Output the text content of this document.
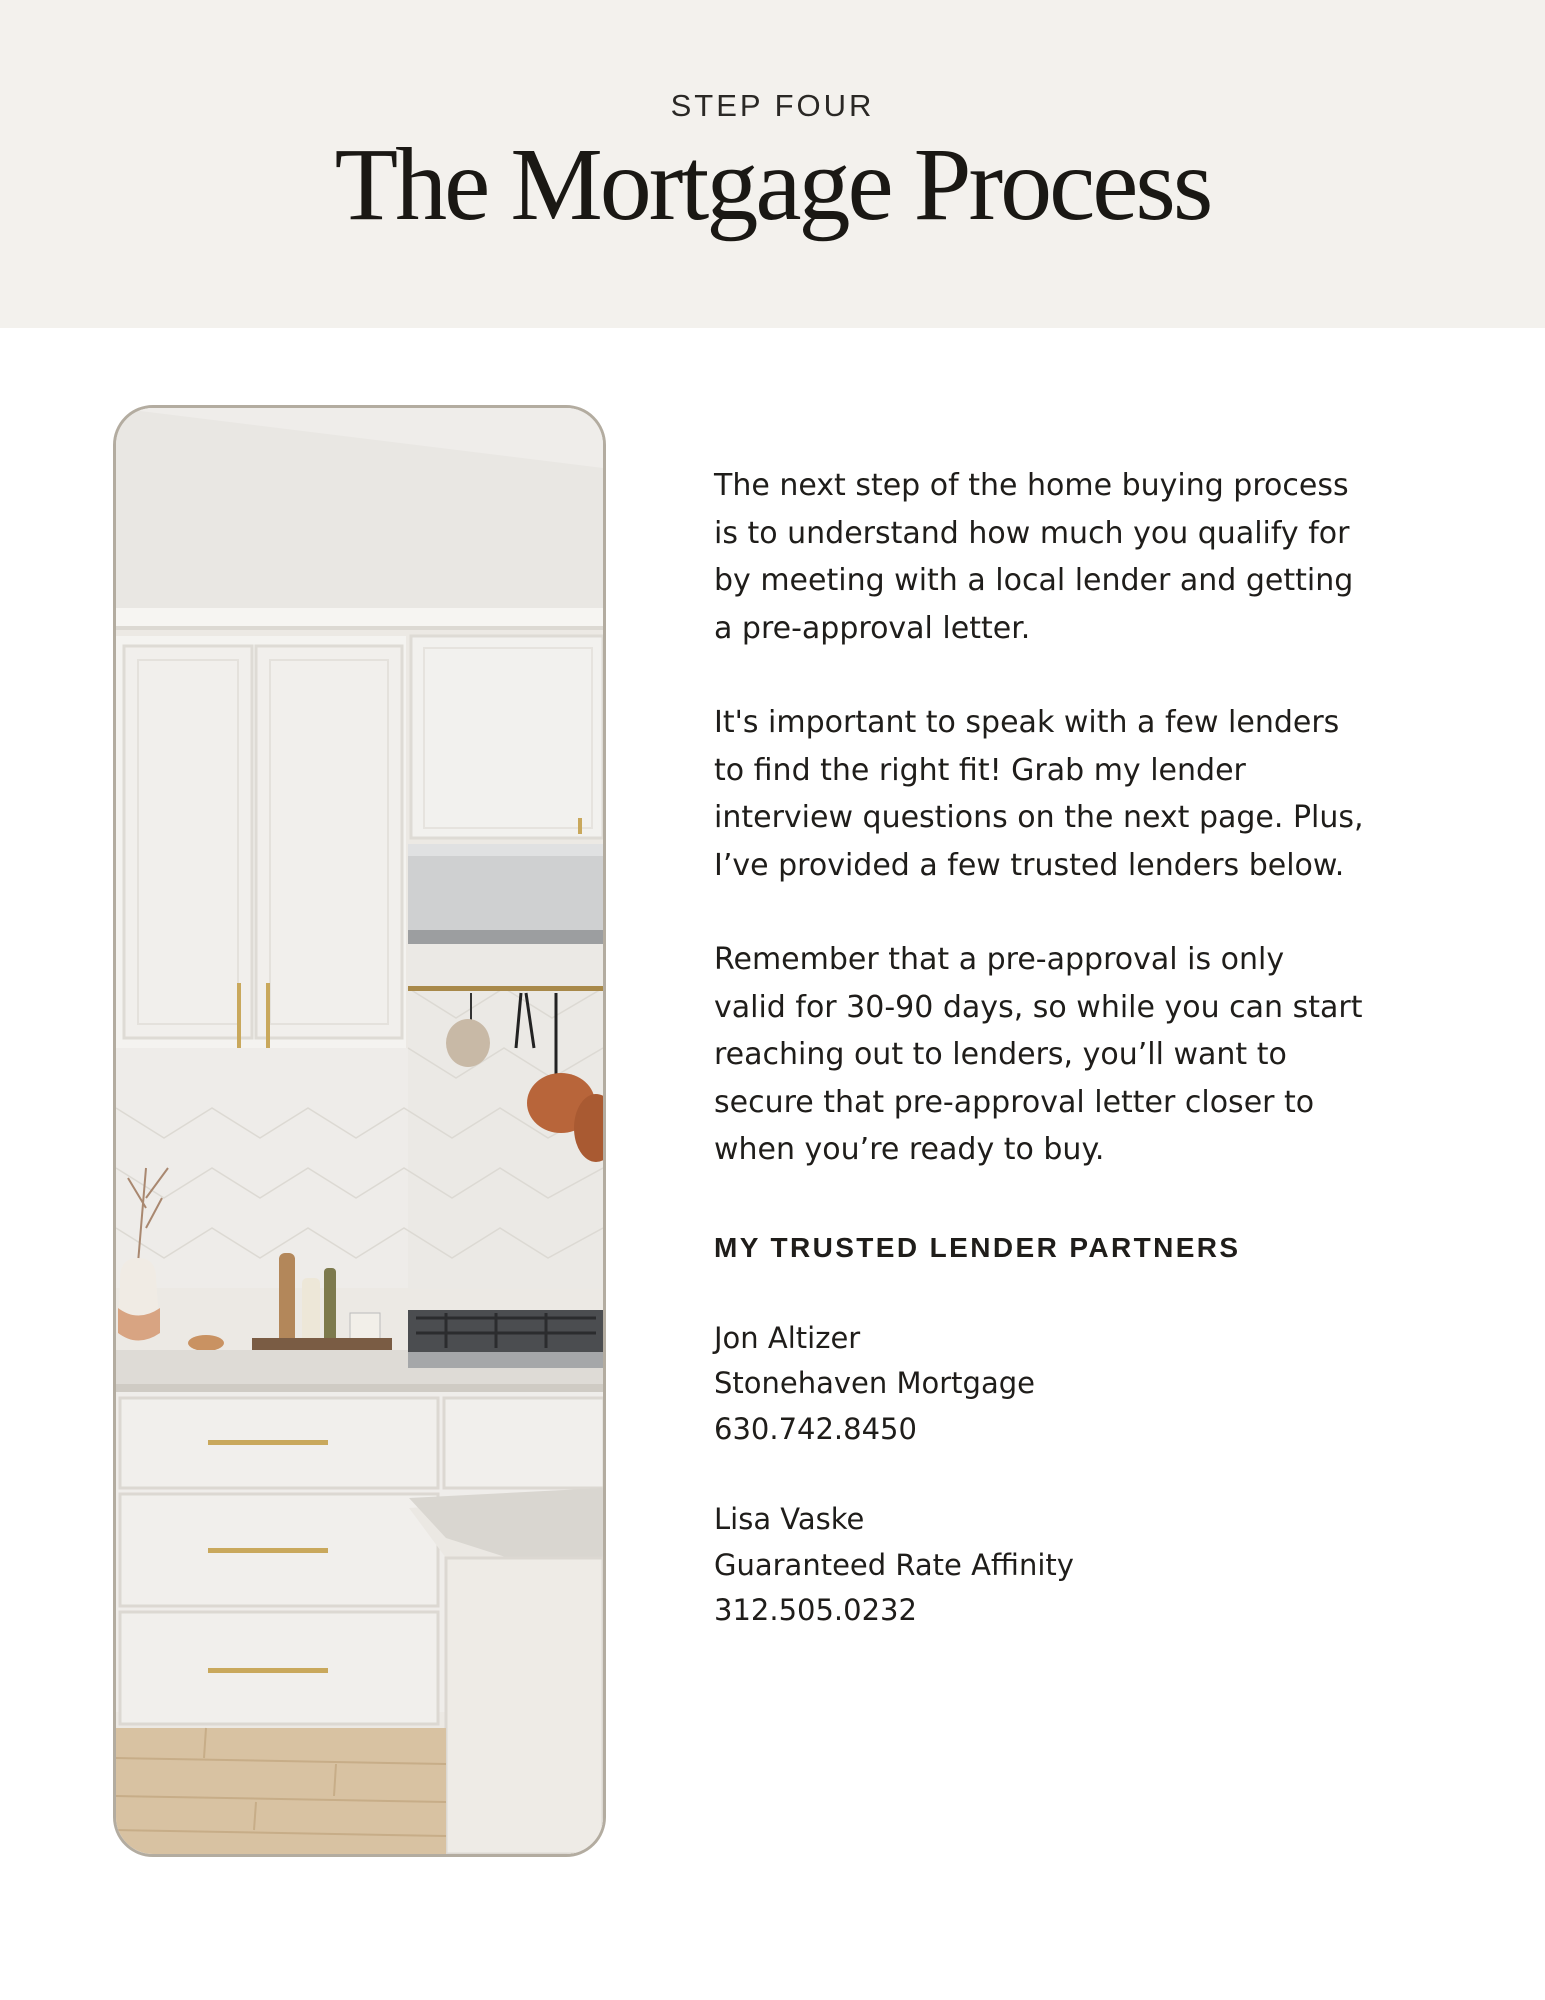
STEP FOUR
The Mortgage Process

The next step of the home buying process
is to understand how much you qualify for
by meeting with a local lender and getting
a pre-approval letter.

It's important to speak with a few lenders
to find the right fit! Grab my lender
interview questions on the next page. Plus,
I’ve provided a few trusted lenders below.

Remember that a pre-approval is only
valid for 30-90 days, so while you can start
reaching out to lenders, you’ll want to
secure that pre-approval letter closer to
when you’re ready to buy.

MY TRUSTED LENDER PARTNERS
Jon Altizer
Stonehaven Mortgage
630.742.8450
Lisa Vaske
Guaranteed Rate Affinity
312.505.0232
